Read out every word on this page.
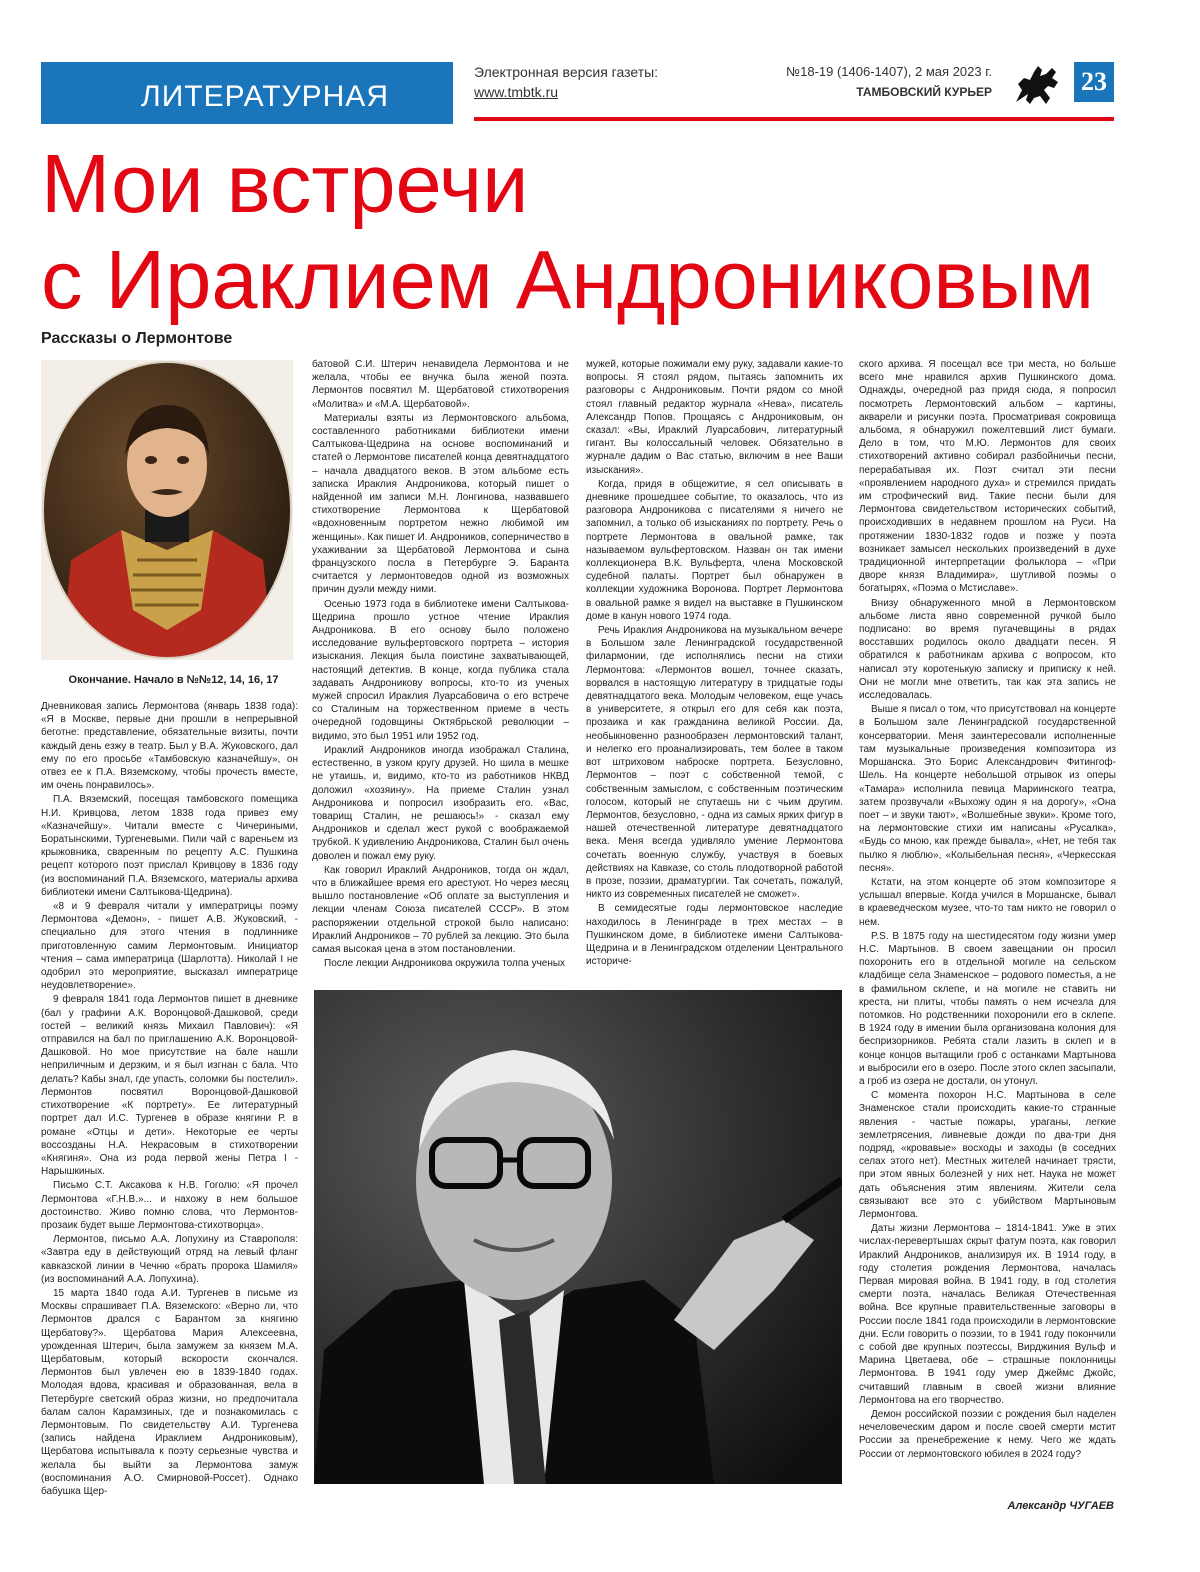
ЛИТЕРАТУРНАЯ
Электронная версия газеты:
www.tmbtk.ru
№18-19 (1406-1407), 2 мая 2023 г.
ТАМБОВСКИЙ КУРЬЕР	23
Мои встречи
с Ираклием Андрониковым
Рассказы о Лермонтове
Окончание. Начало в №№12, 14, 16, 17

Дневниковая запись Лермонтова (январь 1838 года): «Я в Москве, первые дни прошли в непрерывной беготне: представление, обязательные визиты, почти каждый день езжу в театр. Был у В.А. Жуковского, дал ему по его просьбе «Тамбовскую казначейшу», он отвез ее к П.А. Вяземскому, чтобы прочесть вместе, им очень понравилось».

П.А. Вяземский, посещая тамбовского помещика Н.И. Кривцова, летом 1838 года привез ему «Казначейшу». Читали вместе с Чичериными, Боратынскими, Тургеневыми. Пили чай с вареньем из крыжовника, сваренным по рецепту А.С. Пушкина рецепт которого поэт прислал Кривцову в 1836 году (из воспоминаний П.А. Вяземского, материалы архива библиотеки имени Салтыкова-Щедрина).

«8 и 9 февраля читали у императрицы поэму Лермонтова «Демон», - пишет А.В. Жуковский, - специально для этого чтения в подлиннике приготовленную самим Лермонтовым. Инициатор чтения – сама императрица (Шарлотта). Николай I не одобрил это мероприятие, высказал императрице неудовлетворение».

9 февраля 1841 года Лермонтов пишет в дневнике (бал у графини А.К. Воронцовой-Дашковой, среди гостей – великий князь Михаил Павлович): «Я отправился на бал по приглашению А.К. Воронцовой-Дашковой. Но мое присутствие на бале нашли неприличным и дерзким, и я был изгнан с бала. Что делать? Кабы знал, где упасть, соломки бы постелил». Лермонтов посвятил Воронцовой-Дашковой стихотворение «К портрету». Ее литературный портрет дал И.С. Тургенев в образе княгини Р. в романе «Отцы и дети». Некоторые ее черты воссозданы Н.А. Некрасовым в стихотворении «Княгиня». Она из рода первой жены Петра I - Нарышкиных.

Письмо С.Т. Аксакова к Н.В. Гоголю: «Я прочел Лермонтова «Г.Н.В.»... и нахожу в нем большое достоинство. Живо помню слова, что Лермонтов-прозаик будет выше Лермонтова-стихотворца».

Лермонтов, письмо А.А. Лопухину из Ставрополя: «Завтра еду в действующий отряд на левый фланг кавказской линии в Чечню «брать пророка Шамиля» (из воспоминаний А.А. Лопухина).

15 марта 1840 года А.И. Тургенев в письме из Москвы спрашивает П.А. Вяземского: «Верно ли, что Лермонтов дрался с Барантом за княгиню Щербатову?». Щербатова Мария Алексеевна, урожденная Штерич, была замужем за князем М.А. Щербатовым, который вскорости скончался. Лермонтов был увлечен ею в 1839-1840 годах. Молодая вдова, красивая и образованная, вела в Петербурге светский образ жизни, но предпочитала балам салон Карамзиных, где и познакомилась с Лермонтовым. По свидетельству А.И. Тургенева (запись найдена Ираклием Андрониковым), Щербатова испытывала к поэту серьезные чувства и желала бы выйти за Лермонтова замуж (воспоминания А.О. Смирновой-Россет). Однако бабушка Щер-

батовой С.И. Штерич ненавидела Лермонтова и не желала, чтобы ее внучка была женой поэта. Лермонтов посвятил М. Щербатовой стихотворения «Молитва» и «М.А. Щербатовой».

Материалы взяты из Лермонтовского альбома, составленного работниками библиотеки имени Салтыкова-Щедрина на основе воспоминаний и статей о Лермонтове писателей конца девятнадцатого – начала двадцатого веков. В этом альбоме есть записка Ираклия Андроникова, который пишет о найденной им записи М.Н. Лонгинова, назвавшего стихотворение Лермонтова к Щербатовой «вдохновенным портретом нежно любимой им женщины». Как пишет И. Андроников, соперничество в ухаживании за Щербатовой Лермонтова и сына французского посла в Петербурге Э. Баранта считается у лермонтоведов одной из возможных причин дуэли между ними.

Осенью 1973 года в библиотеке имени Салтыкова-Щедрина прошло устное чтение Ираклия Андроникова. В его основу было положено исследование вульфертовского портрета – история изыскания. Лекция была поистине захватывающей, настоящий детектив. В конце, когда публика стала задавать Андроникову вопросы, кто-то из ученых мужей спросил Ираклия Луарсабовича о его встрече со Сталиным на торжественном приеме в честь очередной годовщины Октябрьской революции – видимо, это был 1951 или 1952 год.

Ираклий Андроников иногда изображал Сталина, естественно, в узком кругу друзей. Но шила в мешке не утаишь, и, видимо, кто-то из работников НКВД доложил «хозяину». На приеме Сталин узнал Андроникова и попросил изобразить его. «Вас, товарищ Сталин, не решаюсь!» - сказал ему Андроников и сделал жест рукой с воображаемой трубкой. К удивлению Андроникова, Сталин был очень доволен и пожал ему руку.

Как говорил Ираклий Андроников, тогда он ждал, что в ближайшее время его арестуют. Но через месяц вышло постановление «Об оплате за выступления и лекции членам Союза писателей СССР». В этом распоряжении отдельной строкой было написано: Ираклий Андроников – 70 рублей за лекцию. Это была самая высокая цена в этом постановлении.

После лекции Андроникова окружила толпа ученых

мужей, которые пожимали ему руку, задавали какие-то вопросы. Я стоял рядом, пытаясь запомнить их разговоры с Андрониковым. Почти рядом со мной стоял главный редактор журнала «Нева», писатель Александр Попов. Прощаясь с Андрониковым, он сказал: «Вы, Ираклий Луарсабович, литературный гигант. Вы колоссальный человек. Обязательно в журнале дадим о Вас статью, включим в нее Ваши изыскания».

Когда, придя в общежитие, я сел описывать в дневнике прошедшее событие, то оказалось, что из разговора Андроникова с писателями я ничего не запомнил, а только об изысканиях по портрету. Речь о портрете Лермонтова в овальной рамке, так называемом вульфертовском. Назван он так имени коллекционера В.К. Вульферта, члена Московской судебной палаты. Портрет был обнаружен в коллекции художника Воронова. Портрет Лермонтова в овальной рамке я видел на выставке в Пушкинском доме в канун нового 1974 года.

Речь Ираклия Андроникова на музыкальном вечере в Большом зале Ленинградской государственной филармонии, где исполнялись песни на стихи Лермонтова: «Лермонтов вошел, точнее сказать, ворвался в настоящую литературу в тридцатые годы девятнадцатого века. Молодым человеком, еще учась в университете, я открыл его для себя как поэта, прозаика и как гражданина великой России. Да, необыкновенно разнообразен лермонтовский талант, и нелегко его проанализировать, тем более в таком вот штриховом наброске портрета. Безусловно, Лермонтов – поэт с собственной темой, с собственным замыслом, с собственным поэтическим голосом, который не спутаешь ни с чьим другим. Лермонтов, безусловно, - одна из самых ярких фигур в нашей отечественной литературе девятнадцатого века. Меня всегда удивляло умение Лермонтова сочетать военную службу, участвуя в боевых действиях на Кавказе, со столь плодотворной работой в прозе, поэзии, драматургии. Так сочетать, пожалуй, никто из современных писателей не сможет».

В семидесятые годы лермонтовское наследие находилось в Ленинграде в трех местах – в Пушкинском доме, в библиотеке имени Салтыкова-Щедрина и в Ленинградском отделении Центрального историче-

ского архива. Я посещал все три места, но больше всего мне нравился архив Пушкинского дома. Однажды, очередной раз придя сюда, я попросил посмотреть Лермонтовский альбом – картины, акварели и рисунки поэта. Просматривая сокровища альбома, я обнаружил пожелтевший лист бумаги. Дело в том, что М.Ю. Лермонтов для своих стихотворений активно собирал разбойничьи песни, перерабатывая их. Поэт считал эти песни «проявлением народного духа» и стремился придать им строфический вид. Такие песни были для Лермонтова свидетельством исторических событий, происходивших в недавнем прошлом на Руси. На протяжении 1830-1832 годов и позже у поэта возникает замысел нескольких произведений в духе традиционной интерпретации фольклора – «При дворе князя Владимира», шутливой поэмы о богатырях, «Поэма о Мстиславе».

Внизу обнаруженного мной в Лермонтовском альбоме листа явно современной ручкой было подписано: во время пугачевщины в рядах восставших родилось около двадцати песен. Я обратился к работникам архива с вопросом, кто написал эту коротенькую записку и приписку к ней. Они не могли мне ответить, так как эта запись не исследовалась.

Выше я писал о том, что присутствовал на концерте в Большом зале Ленинградской государственной консерватории. Меня заинтересовали исполненные там музыкальные произведения композитора из Моршанска. Это Борис Александрович Фитингоф-Шель. На концерте небольшой отрывок из оперы «Тамара» исполнила певица Мариинского театра, затем прозвучали «Выхожу один я на дорогу», «Она поет – и звуки тают», «Волшебные звуки». Кроме того, на лермонтовские стихи им написаны «Русалка», «Будь со мною, как прежде бывала», «Нет, не тебя так пылко я люблю», «Колыбельная песня», «Черкесская песня».

Кстати, на этом концерте об этом композиторе я услышал впервые. Когда учился в Моршанске, бывал в краеведческом музее, что-то там никто не говорил о нем.

P.S. В 1875 году на шестидесятом году жизни умер Н.С. Мартынов. В своем завещании он просил похоронить его в отдельной могиле на сельском кладбище села Знаменское – родового поместья, а не в фамильном склепе, и на могиле не ставить ни креста, ни плиты, чтобы память о нем исчезла для потомков. Но родственники похоронили его в склепе. В 1924 году в имении была организована колония для беспризорников. Ребята стали лазить в склеп и в конце концов вытащили гроб с останками Мартынова и выбросили его в озеро. После этого склеп засыпали, а гроб из озера не достали, он утонул.

С момента похорон Н.С. Мартынова в селе Знаменское стали происходить какие-то странные явления - частые пожары, ураганы, легкие землетрясения, ливневые дожди по два-три дня подряд, «кровавые» восходы и заходы (в соседних селах этого нет). Местных жителей начинает трясти, при этом явных болезней у них нет. Наука не может дать объяснения этим явлениям. Жители села связывают все это с убийством Мартыновым Лермонтова.

Даты жизни Лермонтова – 1814-1841. Уже в этих числах-перевертышах скрыт фатум поэта, как говорил Ираклий Андроников, анализируя их. В 1914 году, в году столетия рождения Лермонтова, началась Первая мировая война. В 1941 году, в год столетия смерти поэта, началась Великая Отечественная война. Все крупные правительственные заговоры в России после 1841 года происходили в лермонтовские дни. Если говорить о поэзии, то в 1941 году покончили с собой две крупных поэтессы, Вирджиния Вульф и Марина Цветаева, обе – страшные поклонницы Лермонтова. В 1941 году умер Джеймс Джойс, считавший главным в своей жизни влияние Лермонтова на его творчество.

Демон российской поэзии с рождения был наделен нечеловеческим даром и после своей смерти мстит России за пренебрежение к нему. Чего же ждать России от лермонтовского юбилея в 2024 году?

Александр ЧУГАЕВ
